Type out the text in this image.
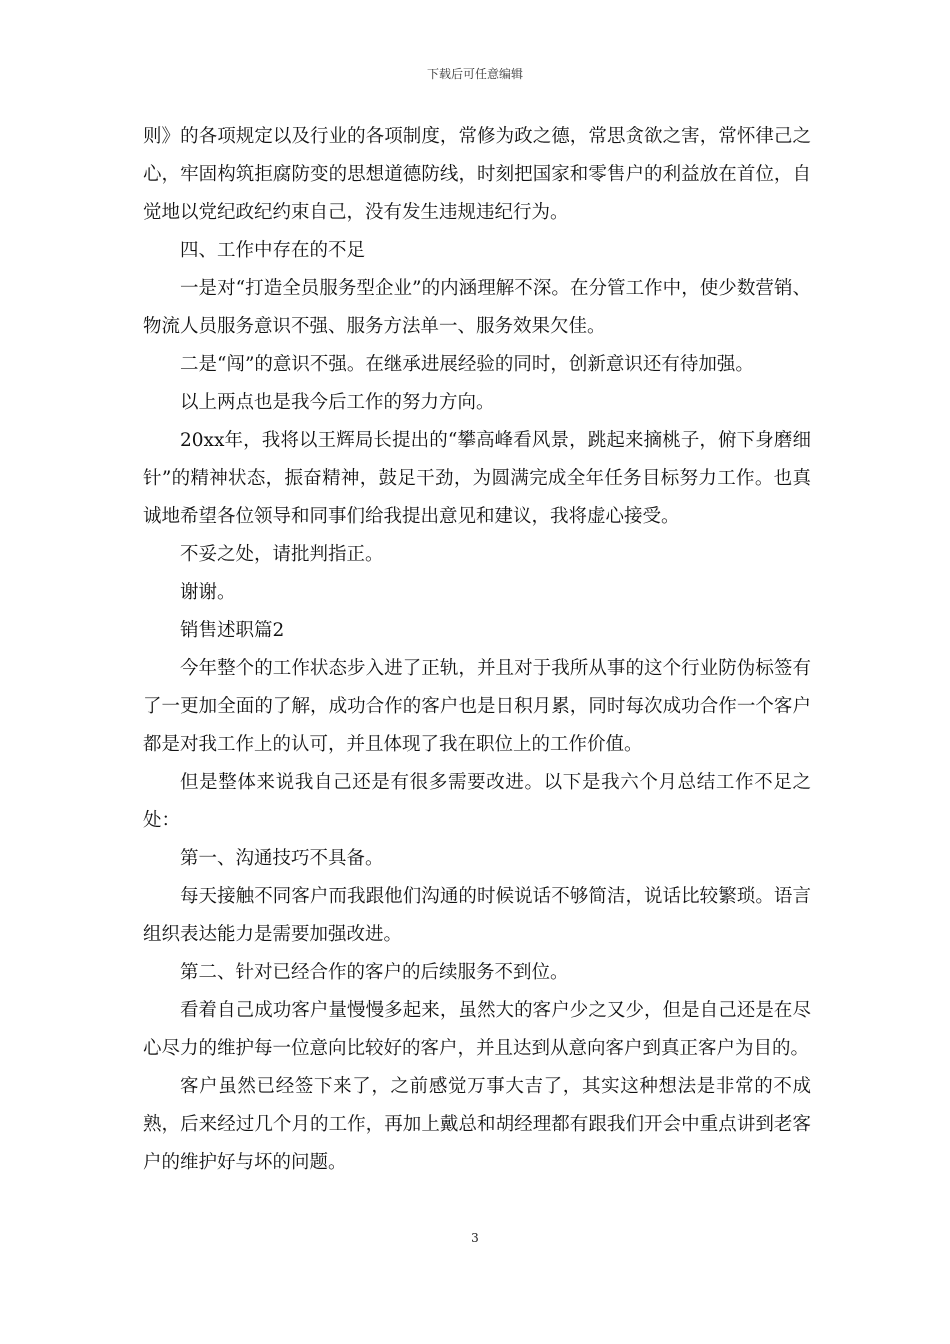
下载后可任意编辑

则》的各项规定以及行业的各项制度，常修为政之德，常思贪欲之害，常怀律己之心，牢固构筑拒腐防变的思想道德防线，时刻把国家和零售户的利益放在首位，自觉地以党纪政纪约束自己，没有发生违规违纪行为。

四、工作中存在的不足

一是对“打造全员服务型企业”的内涵理解不深。在分管工作中，使少数营销、物流人员服务意识不强、服务方法单一、服务效果欠佳。

二是“闯”的意识不强。在继承进展经验的同时，创新意识还有待加强。

以上两点也是我今后工作的努力方向。

20xx年，我将以王辉局长提出的“攀高峰看风景，跳起来摘桃子，俯下身磨细针”的精神状态，振奋精神，鼓足干劲，为圆满完成全年任务目标努力工作。也真诚地希望各位领导和同事们给我提出意见和建议，我将虚心接受。

不妥之处，请批判指正。

谢谢。

销售述职篇2

今年整个的工作状态步入进了正轨，并且对于我所从事的这个行业防伪标签有了一更加全面的了解，成功合作的客户也是日积月累，同时每次成功合作一个客户都是对我工作上的认可，并且体现了我在职位上的工作价值。

但是整体来说我自己还是有很多需要改进。以下是我六个月总结工作不足之处：

第一、沟通技巧不具备。

每天接触不同客户而我跟他们沟通的时候说话不够简洁，说话比较繁琐。语言组织表达能力是需要加强改进。

第二、针对已经合作的客户的后续服务不到位。

看着自己成功客户量慢慢多起来，虽然大的客户少之又少，但是自己还是在尽心尽力的维护每一位意向比较好的客户，并且达到从意向客户到真正客户为目的。

客户虽然已经签下来了，之前感觉万事大吉了，其实这种想法是非常的不成熟，后来经过几个月的工作，再加上戴总和胡经理都有跟我们开会中重点讲到老客户的维护好与坏的问题。

3
